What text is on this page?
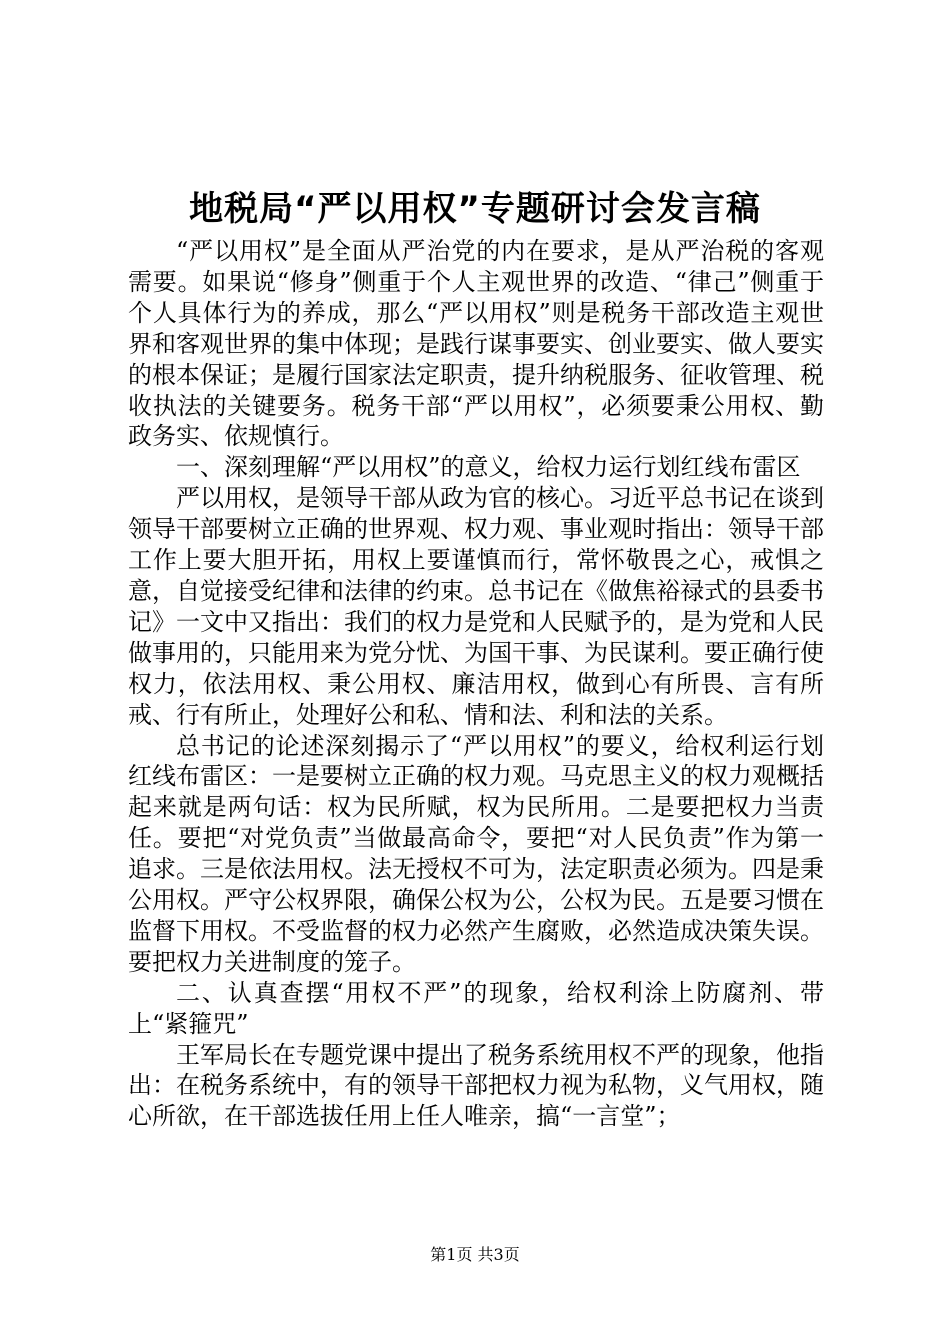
地税局“严以用权”专题研讨会发言稿

“严以用权”是全面从严治党的内在要求，是从严治税的客观需要。如果说“修身”侧重于个人主观世界的改造、“律己”侧重于个人具体行为的养成，那么“严以用权”则是税务干部改造主观世界和客观世界的集中体现；是践行谋事要实、创业要实、做人要实的根本保证；是履行国家法定职责，提升纳税服务、征收管理、税收执法的关键要务。税务干部“严以用权”，必须要秉公用权、勤政务实、依规慎行。

一、深刻理解“严以用权”的意义，给权力运行划红线布雷区

严以用权，是领导干部从政为官的核心。习近平总书记在谈到领导干部要树立正确的世界观、权力观、事业观时指出：领导干部工作上要大胆开拓，用权上要谨慎而行，常怀敬畏之心，戒惧之意，自觉接受纪律和法律的约束。总书记在《做焦裕禄式的县委书记》一文中又指出：我们的权力是党和人民赋予的，是为党和人民做事用的，只能用来为党分忧、为国干事、为民谋利。要正确行使权力，依法用权、秉公用权、廉洁用权，做到心有所畏、言有所戒、行有所止，处理好公和私、情和法、利和法的关系。

总书记的论述深刻揭示了“严以用权”的要义，给权利运行划红线布雷区：一是要树立正确的权力观。马克思主义的权力观概括起来就是两句话：权为民所赋，权为民所用。二是要把权力当责任。要把“对党负责”当做最高命令，要把“对人民负责”作为第一追求。三是依法用权。法无授权不可为，法定职责必须为。四是秉公用权。严守公权界限，确保公权为公，公权为民。五是要习惯在监督下用权。不受监督的权力必然产生腐败，必然造成决策失误。要把权力关进制度的笼子。

二、认真查摆“用权不严”的现象，给权利涂上防腐剂、带上“紧箍咒”

王军局长在专题党课中提出了税务系统用权不严的现象，他指出：在税务系统中，有的领导干部把权力视为私物，义气用权，随心所欲，在干部选拔任用上任人唯亲，搞“一言堂”；

第1页 共3页
